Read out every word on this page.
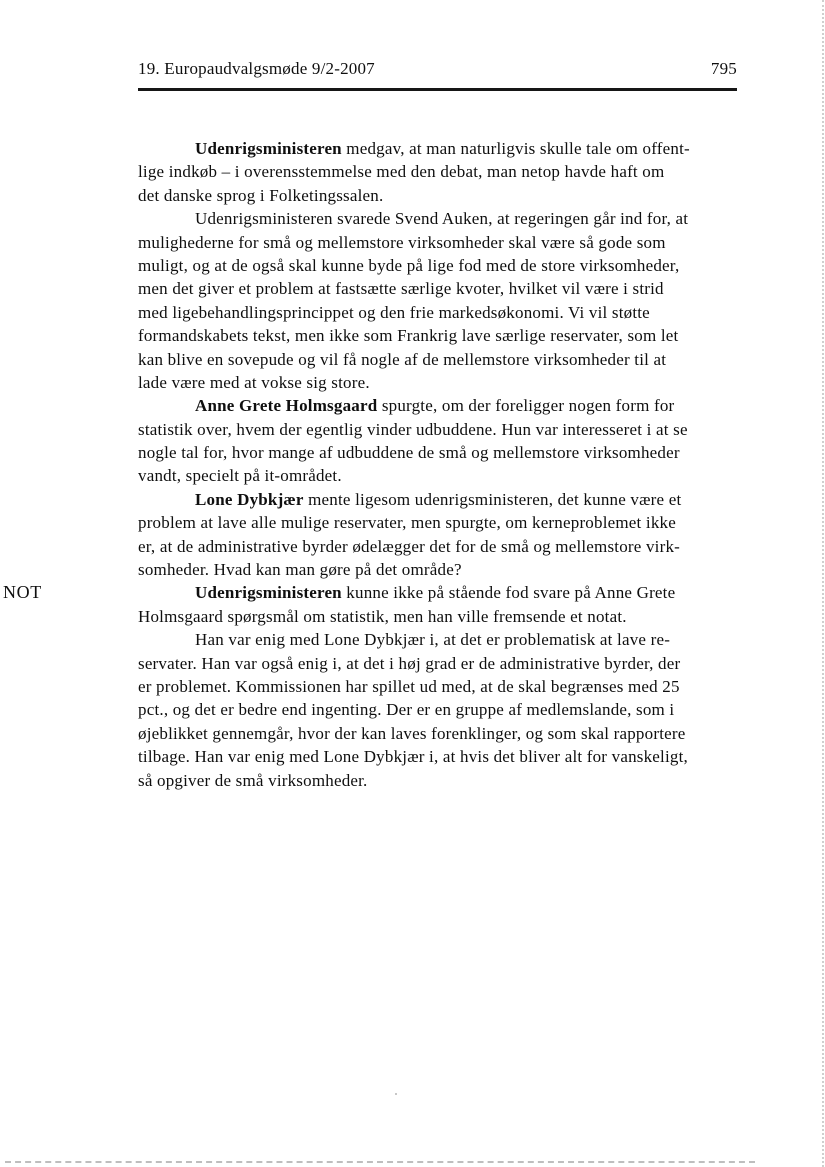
19. Europaudvalgsmøde 9/2-2007	795
Udenrigsministeren medgav, at man naturligvis skulle tale om offent-
lige indkøb – i overensstemmelse med den debat, man netop havde haft om
det danske sprog i Folketingssalen.
Udenrigsministeren svarede Svend Auken, at regeringen går ind for, at
mulighederne for små og mellemstore virksomheder skal være så gode som
muligt, og at de også skal kunne byde på lige fod med de store virksomheder,
men det giver et problem at fastsætte særlige kvoter, hvilket vil være i strid
med ligebehandlingsprincippet og den frie markedsøkonomi. Vi vil støtte
formandskabets tekst, men ikke som Frankrig lave særlige reservater, som let
kan blive en sovepude og vil få nogle af de mellemstore virksomheder til at
lade være med at vokse sig store.
Anne Grete Holmsgaard spurgte, om der foreligger nogen form for
statistik over, hvem der egentlig vinder udbuddene. Hun var interesseret i at se
nogle tal for, hvor mange af udbuddene de små og mellemstore virksomheder
vandt, specielt på it-området.
Lone Dybkjær mente ligesom udenrigsministeren, det kunne være et
problem at lave alle mulige reservater, men spurgte, om kerneproblemet ikke
er, at de administrative byrder ødelægger det for de små og mellemstore virk-
somheder. Hvad kan man gøre på det område?
NOT	Udenrigsministeren kunne ikke på stående fod svare på Anne Grete
Holmsgaard spørgsmål om statistik, men han ville fremsende et notat.
Han var enig med Lone Dybkjær i, at det er problematisk at lave re-
servater. Han var også enig i, at det i høj grad er de administrative byrder, der
er problemet. Kommissionen har spillet ud med, at de skal begrænses med 25
pct., og det er bedre end ingenting. Der er en gruppe af medlemslande, som i
øjeblikket gennemgår, hvor der kan laves forenklinger, og som skal rapportere
tilbage. Han var enig med Lone Dybkjær i, at hvis det bliver alt for vanskeligt,
så opgiver de små virksomheder.
